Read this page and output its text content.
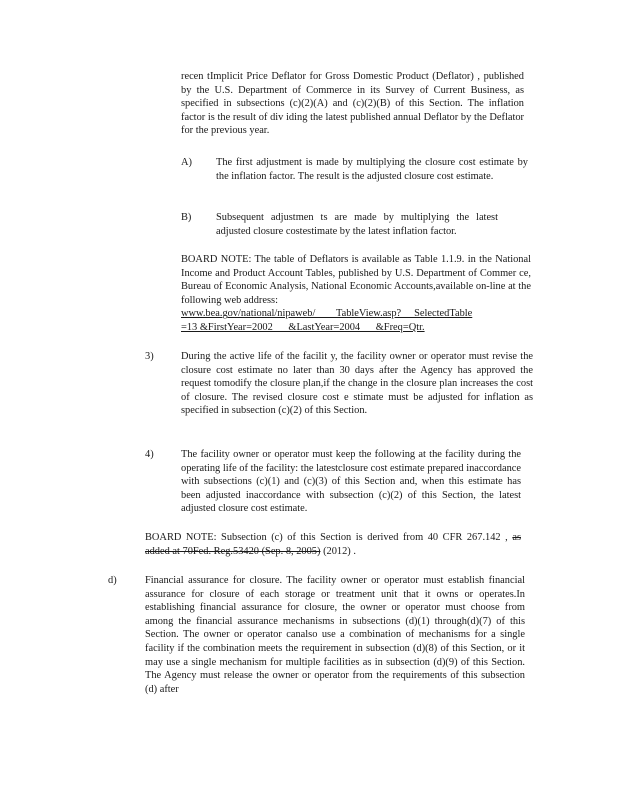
recen tImplicit Price Deflator for Gross Domestic Product (Deflator) , published by the U.S. Department of Commerce in its Survey of Current Business, as specified in subsections (c)(2)(A) and (c)(2)(B) of this Section. The inflation factor is the result of div iding the latest published annual Deflator by the Deflator for the previous year.

A) The first adjustment is made by multiplying the closure cost estimate by the inflation factor. The result is the adjusted closure cost estimate.

B) Subsequent adjustmen ts are made by multiplying the latest adjusted closure costestimate by the latest inflation factor.

BOARD NOTE: The table of Deflators is available as Table 1.1.9. in the National Income and Product Account Tables, published by U.S. Department of Commer ce, Bureau of Economic Analysis, National Economic Accounts,available on-line at the following web address:

www.bea.gov/national/nipaweb/        TableView.asp?     SelectedTable
=13 &FirstYear=2002      &LastYear=2004      &Freq=Qtr.
3)	During the active life of the facilit y, the facility owner or operator must revise the closure cost estimate no later than 30 days after the Agency has approved the request tomodify the closure plan,if the change in the closure plan increases the cost of closure. The revised closure cost e stimate must be adjusted for inflation as specified in subsection (c)(2) of this Section.

4)	The facility owner or operator must keep the following at the facility during the operating life of the facility: the latestclosure cost estimate prepared inaccordance with subsections (c)(1) and (c)(3) of this Section and, when this estimate has been adjusted inaccordance with subsection (c)(2) of this Section, the latest adjusted closure cost estimate.

BOARD NOTE: Subsection (c) of this Section is derived from 40 CFR 267.142 , as added at 70Fed. Reg.53420 (Sep. 8, 2005) (2012) .

d)	Financial assurance for closure. The facility owner or operator must establish financial assurance for closure of each storage or treatment unit that it owns or operates.In establishing financial assurance for closure, the owner or operator must choose from among the financial assurance mechanisms in subsections (d)(1) through(d)(7) of this Section. The owner or operator canalso use a combination of mechanisms for a single facility if the combination meets the requirement in subsection (d)(8) of this Section, or it may use a single mechanism for multiple facilities as in subsection (d)(9) of this Section. The Agency must release the owner or operator from the requirements of this subsection (d) after
